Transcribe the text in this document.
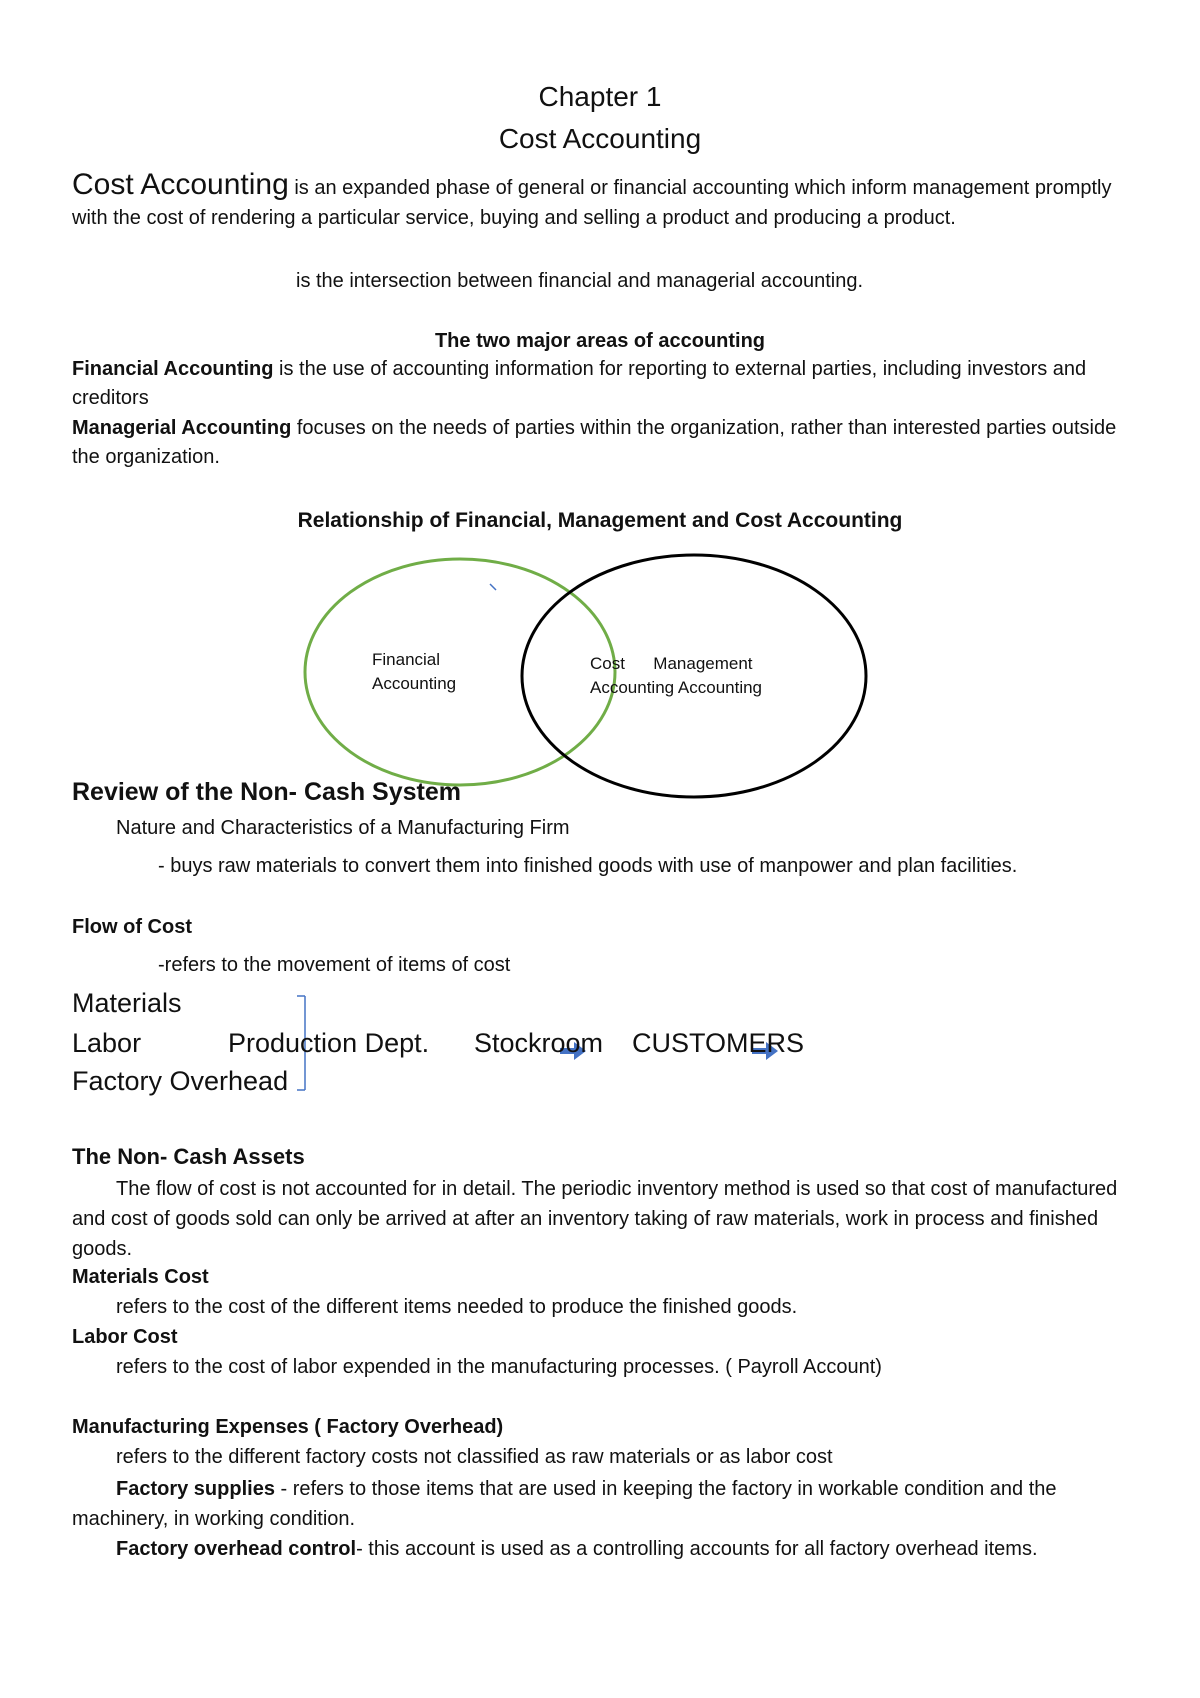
Chapter 1
Cost Accounting
Cost Accounting is an expanded phase of general or financial accounting which inform management promptly with the cost of rendering a particular service, buying and selling a product and producing a product.
is the intersection between financial and managerial accounting.
The two major areas of accounting
Financial Accounting is the use of accounting information for reporting to external parties, including investors and creditors
Managerial Accounting focuses on the needs of parties within the organization, rather than interested parties outside the organization.
Relationship of Financial, Management and Cost Accounting
Financial
Accounting
Cost      Management
Accounting Accounting
Review of the Non- Cash System
Nature and Characteristics of a Manufacturing Firm
- buys raw materials to convert them into finished goods with use of manpower and plan facilities.
Flow of Cost
-refers to the movement of items of cost
Materials
Labor	Production Dept. Stockroom CUSTOMERS
Factory Overhead
The Non- Cash Assets
The flow of cost is not accounted for in detail. The periodic inventory method is used so that cost of manufactured and cost of goods sold can only be arrived at after an inventory taking of raw materials, work in process and finished goods.
Materials Cost
refers to the cost of the different items needed to produce the finished goods.
Labor Cost
refers to the cost of labor expended in the manufacturing processes. ( Payroll Account)
Manufacturing Expenses ( Factory Overhead)
refers to the different factory costs not classified as raw materials or as labor cost
Factory supplies - refers to those items that are used in keeping the factory in workable condition and the machinery, in working condition.
Factory overhead control- this account is used as a controlling accounts for all factory overhead items.
